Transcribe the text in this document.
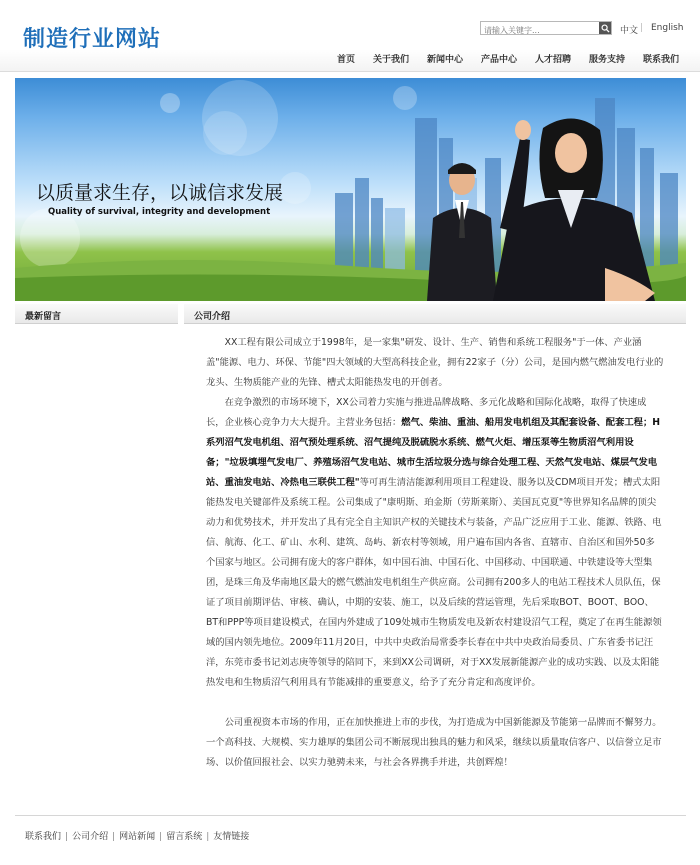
制造行业网站
请输入关键字...	中文 | English
首页 关于我们 新闻中心 产品中心 人才招聘 服务支持 联系我们
以质量求生存，以诚信求发展
Quality of survival, integrity and development
最新留言	公司介绍

XX工程有限公司成立于1998年，是一家集"研发、设计、生产、销售和系统工程服务"于一体、产业涵盖"能源、电力、环保、节能"四大领域的大型高科技企业，拥有22家子（分）公司，是国内燃气燃油发电行业的龙头、生物质能产业的先锋、槽式太阳能热发电的开创者。

在竞争激烈的市场环境下，XX公司着力实施与推进品牌战略、多元化战略和国际化战略，取得了快速成长，企业核心竞争力大大提升。主营业务包括：燃气、柴油、重油、船用发电机组及其配套设备、配套工程；H系列沼气发电机组、沼气预处理系统、沼气提纯及脱硫脱水系统、燃气火炬、增压泵等生物质沼气利用设备；"垃圾填埋气发电厂、养殖场沼气发电站、城市生活垃圾分选与综合处理工程、天然气发电站、煤层气发电站、重油发电站、冷热电三联供工程"等可再生清洁能源利用项目工程建设、服务以及CDM项目开发；槽式太阳能热发电关键部件及系统工程。公司集成了"康明斯、珀金斯（劳斯莱斯）、美国瓦克夏"等世界知名品牌的顶尖动力和优势技术，并开发出了具有完全自主知识产权的关键技术与装备，产品广泛应用于工业、能源、铁路、电信、航海、化工、矿山、水利、建筑、岛屿、新农村等领域，用户遍布国内各省、直辖市、自治区和国外50多个国家与地区。公司拥有庞大的客户群体，如中国石油、中国石化、中国移动、中国联通、中铁建设等大型集团，是珠三角及华南地区最大的燃气燃油发电机组生产供应商。公司拥有200多人的电站工程技术人员队伍，保证了项目前期评估、审核、确认，中期的安装、施工，以及后续的营运管理，先后采取BOT、BOOT、BOO、BT和PPP等项目建设模式，在国内外建成了109处城市生物质发电及新农村建设沼气工程，奠定了在再生能源领域的国内领先地位。2009年11月20日，中共中央政治局常委李长春在中共中央政治局委员、广东省委书记汪洋，东莞市委书记刘志庚等领导的陪同下，来到XX公司调研，对于XX发展新能源产业的成功实践、以及太阳能热发电和生物质沼气利用具有节能减排的重要意义，给予了充分肯定和高度评价。

公司重视资本市场的作用，正在加快推进上市的步伐，为打造成为中国新能源及节能第一品牌而不懈努力。一个高科技、大规模、实力雄厚的集团公司不断展现出独具的魅力和风采，继续以质量取信客户、以信誉立足市场、以价值回报社会、以实力驰骋未来，与社会各界携手并进，共创辉煌！

联系我们 | 公司介绍 | 网站新闻 | 留言系统 | 友情链接
